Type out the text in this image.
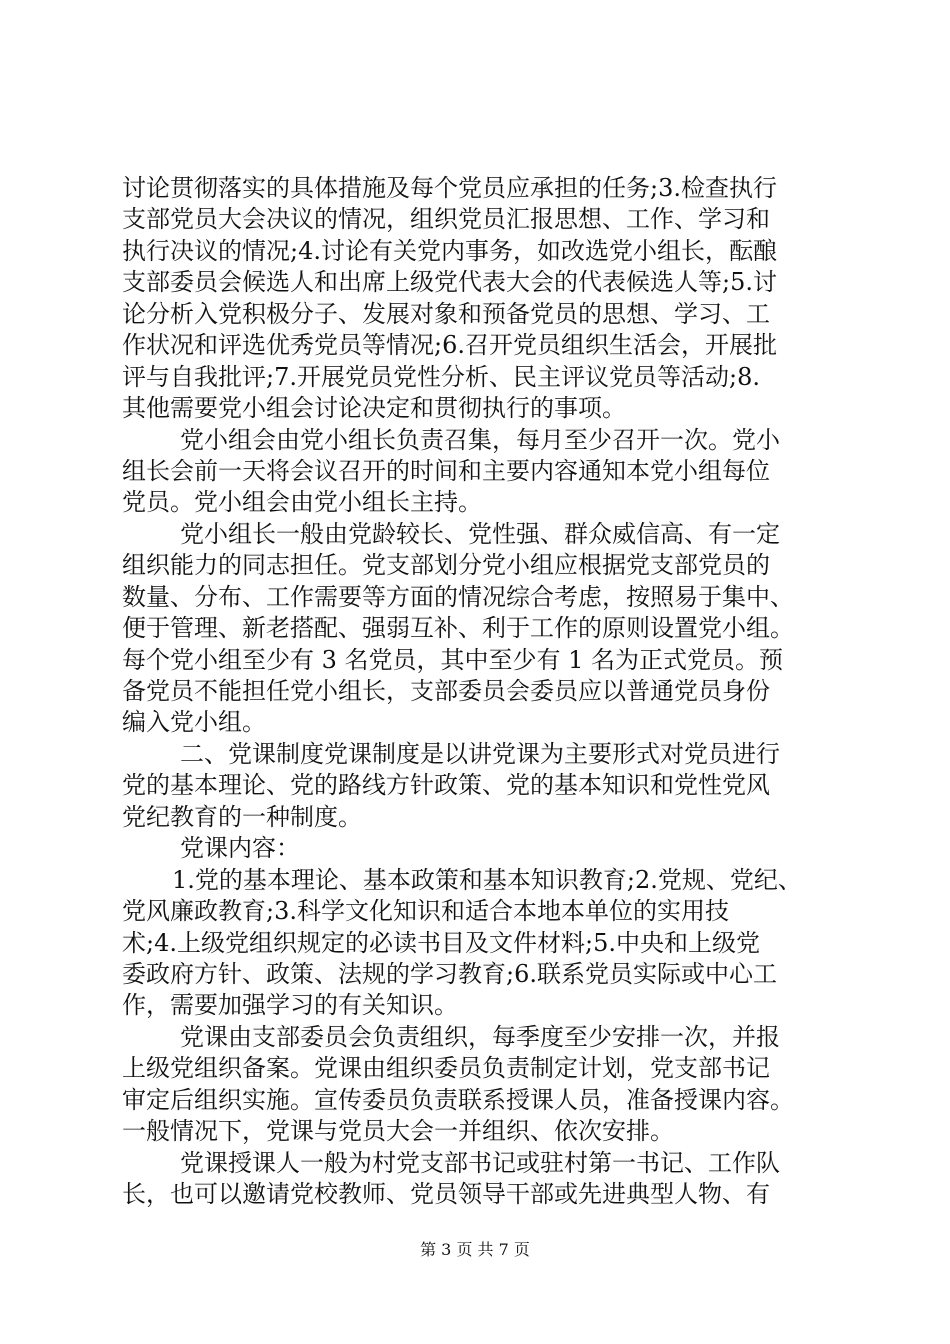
讨论贯彻落实的具体措施及每个党员应承担的任务;3.检查执行
支部党员大会决议的情况，组织党员汇报思想、工作、学习和
执行决议的情况;4.讨论有关党内事务，如改选党小组长，酝酿
支部委员会候选人和出席上级党代表大会的代表候选人等;5.讨
论分析入党积极分子、发展对象和预备党员的思想、学习、工
作状况和评选优秀党员等情况;6.召开党员组织生活会，开展批
评与自我批评;7.开展党员党性分析、民主评议党员等活动;8.
其他需要党小组会讨论决定和贯彻执行的事项。
党小组会由党小组长负责召集，每月至少召开一次。党小
组长会前一天将会议召开的时间和主要内容通知本党小组每位
党员。党小组会由党小组长主持。
党小组长一般由党龄较长、党性强、群众威信高、有一定
组织能力的同志担任。党支部划分党小组应根据党支部党员的
数量、分布、工作需要等方面的情况综合考虑，按照易于集中、
便于管理、新老搭配、强弱互补、利于工作的原则设置党小组。
每个党小组至少有 3 名党员，其中至少有 1 名为正式党员。预
备党员不能担任党小组长，支部委员会委员应以普通党员身份
编入党小组。
二、党课制度党课制度是以讲党课为主要形式对党员进行
党的基本理论、党的路线方针政策、党的基本知识和党性党风
党纪教育的一种制度。
党课内容：
1.党的基本理论、基本政策和基本知识教育;2.党规、党纪、
党风廉政教育;3.科学文化知识和适合本地本单位的实用技
术;4.上级党组织规定的必读书目及文件材料;5.中央和上级党
委政府方针、政策、法规的学习教育;6.联系党员实际或中心工
作，需要加强学习的有关知识。
党课由支部委员会负责组织，每季度至少安排一次，并报
上级党组织备案。党课由组织委员负责制定计划，党支部书记
审定后组织实施。宣传委员负责联系授课人员，准备授课内容。
一般情况下，党课与党员大会一并组织、依次安排。
党课授课人一般为村党支部书记或驻村第一书记、工作队
长，也可以邀请党校教师、党员领导干部或先进典型人物、有
第 3 页 共 7 页
